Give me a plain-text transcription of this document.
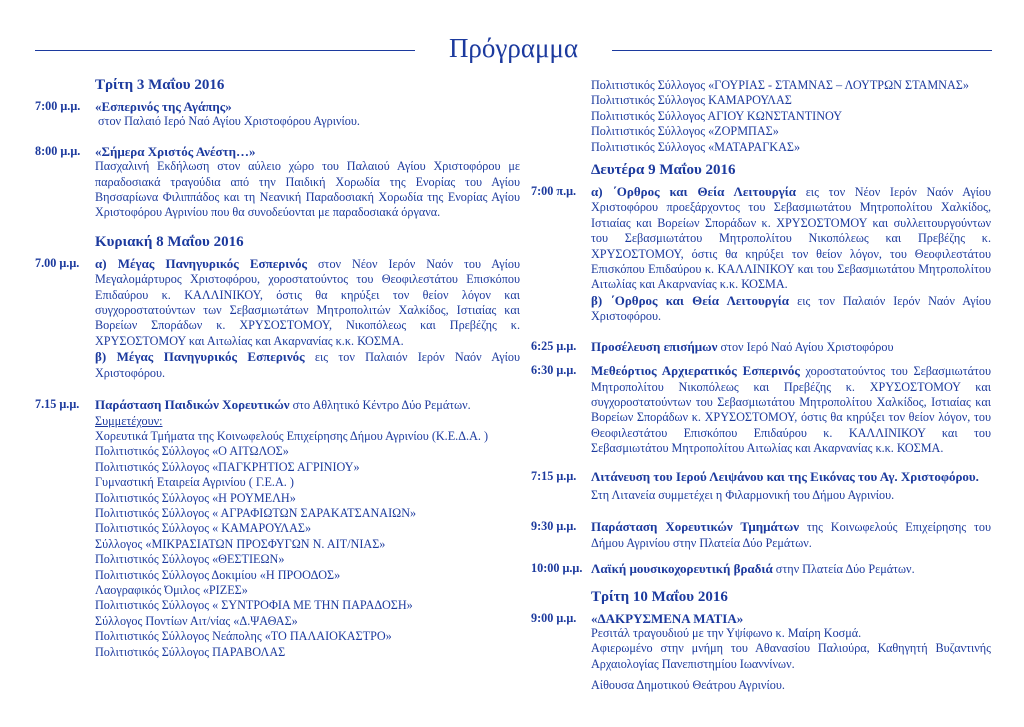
Πρόγραμμα
Τρίτη 3 Μαΐου 2016
7:00 μ.μ.	«Εσπερινός της Αγάπης»
στον Παλαιό Ιερό Ναό Αγίου Χριστοφόρου Αγρινίου.
8:00 μ.μ.	«Σήμερα Χριστός Ανέστη…»
Πασχαλινή Εκδήλωση στον αύλειο χώρο του Παλαιού Αγίου Χριστοφόρου με παραδοσιακά τραγούδια από την Παιδική Χορωδία της Ενορίας του Αγίου Βησσαρίωνα Φιλιππάδος και τη Νεανική Παραδοσιακή Χορωδία της Ενορίας Αγίου Χριστοφόρου Αγρινίου που θα συνοδεύονται με παραδοσιακά όργανα.
Κυριακή 8 Μαΐου 2016
7.00 μ.μ.	α) Μέγας Πανηγυρικός Εσπερινός στον Νέον Ιερόν Ναόν του Αγίου Μεγαλομάρτυρος Χριστοφόρου, χοροστατούντος του Θεοφιλεστάτου Επισκόπου Επιδαύρου κ. ΚΑΛΛΙΝΙΚΟΥ, όστις θα κηρύξει τον θείον λόγον και συγχοροστατούντων των Σεβασμιωτάτων Μητροπολιτών Χαλκίδος, Ιστιαίας και Βορείων Σποράδων κ. ΧΡΥΣΟΣΤΟΜΟΥ, Νικοπόλεως και Πρεβέζης κ. ΧΡΥΣΟΣΤΟΜΟΥ και Αιτωλίας και Ακαρνανίας κ.κ. ΚΟΣΜΑ.
β) Μέγας Πανηγυρικός Εσπερινός εις τον Παλαιόν Ιερόν Ναόν Αγίου Χριστοφόρου.
7.15 μ.μ.	Παράσταση Παιδικών Χορευτικών στο Αθλητικό Κέντρο Δύο Ρεμάτων.
Συμμετέχουν:
Χορευτικά Τμήματα της Κοινωφελούς Επιχείρησης Δήμου Αγρινίου (Κ.Ε.Δ.Α. )
Πολιτιστικός Σύλλογος «Ο ΑΙΤΩΛΟΣ»
Πολιτιστικός Σύλλογος «ΠΑΓΚΡΗΤΙΟΣ ΑΓΡΙΝΙΟΥ»
Γυμναστική Εταιρεία Αγρινίου ( Γ.Ε.Α. )
Πολιτιστικός Σύλλογος «Η ΡΟΥΜΕΛΗ»
Πολιτιστικός Σύλλογος « ΑΓΡΑΦΙΩΤΩΝ ΣΑΡΑΚΑΤΣΑΝΑΙΩΝ»
Πολιτιστικός Σύλλογος « ΚΑΜΑΡΟΥΛΑΣ»
Σύλλογος «ΜΙΚΡΑΣΙΑΤΩΝ ΠΡΟΣΦΥΓΩΝ Ν. ΑΙΤ/ΝΙΑΣ»
Πολιτιστικός Σύλλογος «ΘΕΣΤΙΕΩΝ»
Πολιτιστικός Σύλλογος Δοκιμίου «Η ΠΡΟΟΔΟΣ»
Λαογραφικός Όμιλος «ΡΙΖΕΣ»
Πολιτιστικός Σύλλογος « ΣΥΝΤΡΟΦΙΑ ΜΕ ΤΗΝ ΠΑΡΑΔΟΣΗ»
Σύλλογος Ποντίων Αιτ/νίας «Δ.ΨΑΘΑΣ»
Πολιτιστικός Σύλλογος Νεάπολης «ΤΟ ΠΑΛΑΙΟΚΑΣΤΡΟ»
Πολιτιστικός Σύλλογος ΠΑΡΑΒΟΛΑΣ
Πολιτιστικός Σύλλογος «ΓΟΥΡΙΑΣ - ΣΤΑΜΝΑΣ – ΛΟΥΤΡΩΝ ΣΤΑΜΝΑΣ»
Πολιτιστικός Σύλλογος ΚΑΜΑΡΟΥΛΑΣ
Πολιτιστικός Σύλλογος ΑΓΙΟΥ ΚΩΝΣΤΑΝΤΙΝΟΥ
Πολιτιστικός Σύλλογος «ΖΟΡΜΠΑΣ»
Πολιτιστικός Σύλλογος «ΜΑΤΑΡΑΓΚΑΣ»
Δευτέρα 9 Μαΐου 2016
7:00 π.μ.	α) ΄Ορθρος και Θεία Λειτουργία εις τον Νέον Ιερόν Ναόν Αγίου Χριστοφόρου προεξάρχοντος του Σεβασμιωτάτου Μητροπολίτου Χαλκίδος, Ιστιαίας και Βορείων Σποράδων κ. ΧΡΥΣΟΣΤΟΜΟΥ και συλλειτουργούντων του Σεβασμιωτάτου Μητροπολίτου Νικοπόλεως και Πρεβέζης κ. ΧΡΥΣΟΣΤΟΜΟΥ, όστις θα κηρύξει τον θείον λόγον, του Θεοφιλεστάτου Επισκόπου Επιδαύρου κ. ΚΑΛΛΙΝΙΚΟΥ και του Σεβασμιωτάτου Μητροπολίτου Αιτωλίας και Ακαρνανίας κ.κ. ΚΟΣΜΑ.
β) ΄Ορθρος και Θεία Λειτουργία εις τον Παλαιόν Ιερόν Ναόν Αγίου Χριστοφόρου.
6:25 μ.μ.	Προσέλευση επισήμων στον Ιερό Ναό Αγίου Χριστοφόρου
6:30 μ.μ.	Μεθεόρτιος Αρχιερατικός Εσπερινός χοροστατούντος του Σεβασμιωτάτου Μητροπολίτου Νικοπόλεως και Πρεβέζης κ. ΧΡΥΣΟΣΤΟΜΟΥ και συγχοροστατούντων του Σεβασμιωτάτου Μητροπολίτου Χαλκίδος, Ιστιαίας και Βορείων Σποράδων κ. ΧΡΥΣΟΣΤΟΜΟΥ, όστις θα κηρύξει τον θείον λόγον, του Θεοφιλεστάτου Επισκόπου Επιδαύρου κ. ΚΑΛΛΙΝΙΚΟΥ και του Σεβασμιωτάτου Μητροπολίτου Αιτωλίας και Ακαρνανίας κ.κ. ΚΟΣΜΑ.
7:15 μ.μ.	Λιτάνευση του Ιερού Λειψάνου και της Εικόνας του Αγ. Χριστοφόρου.
Στη Λιτανεία συμμετέχει η Φιλαρμονική του Δήμου Αγρινίου.
9:30 μ.μ.	Παράσταση Χορευτικών Τμημάτων της Κοινωφελούς Επιχείρησης του Δήμου Αγρινίου στην Πλατεία Δύο Ρεμάτων.
10:00 μ.μ. Λαϊκή μουσικοχορευτική βραδιά στην Πλατεία Δύο Ρεμάτων.
Τρίτη 10 Μαΐου 2016
9:00 μ.μ.	«ΔΑΚΡΥΣΜΕΝΑ ΜΑΤΙΑ»
Ρεσιτάλ τραγουδιού με την Υψίφωνο κ. Μαίρη Κοσμά.
Αφιερωμένο στην μνήμη του Αθανασίου Παλιούρα, Καθηγητή Βυζαντινής Αρχαιολογίας Πανεπιστημίου Ιωαννίνων.
Αίθουσα Δημοτικού Θεάτρου Αγρινίου.
